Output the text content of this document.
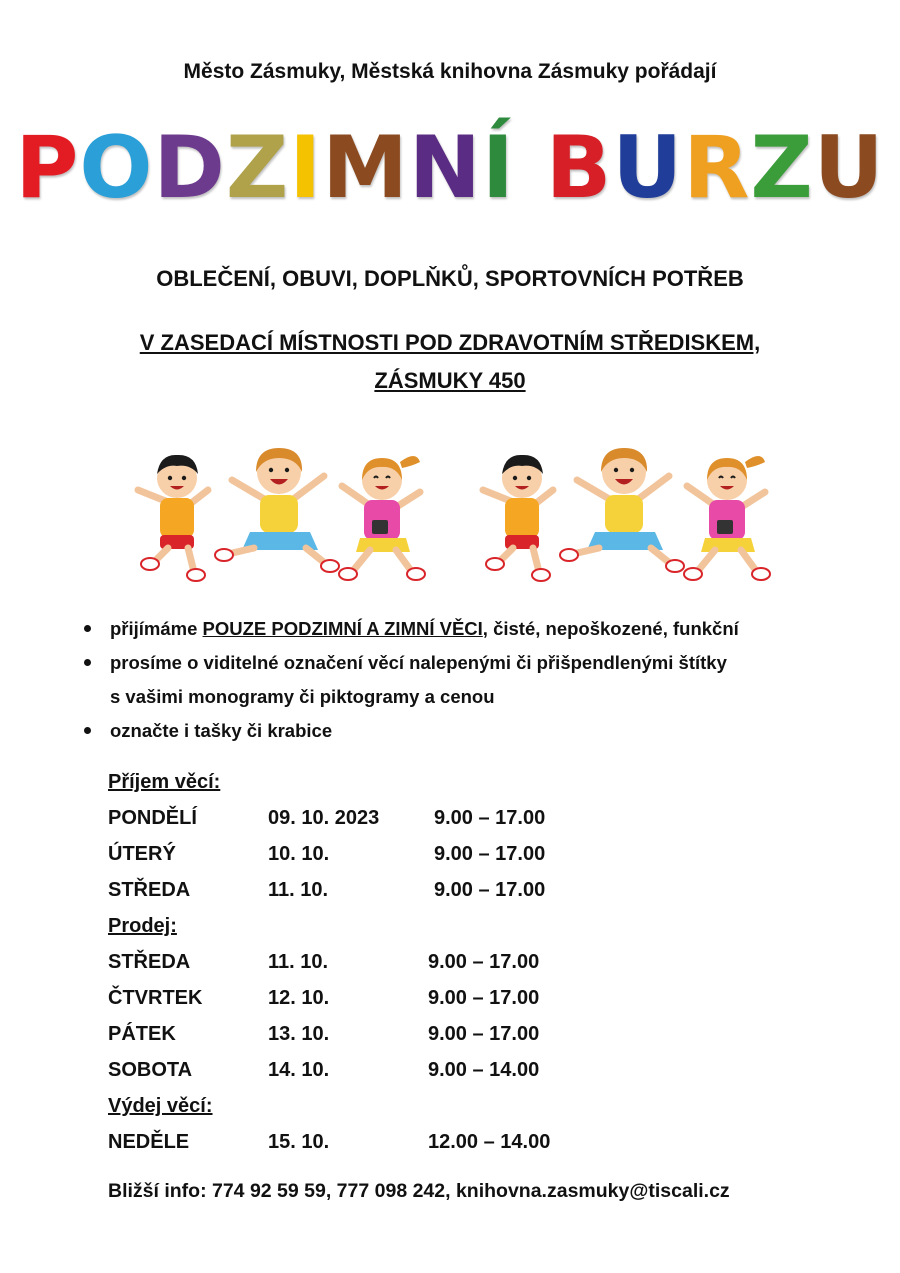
Město Zásmuky, Městská knihovna Zásmuky pořádají
PODZIMNÍ BURZU
OBLEČENÍ, OBUVI, DOPLŇKŮ, SPORTOVNÍCH POTŘEB
V ZASEDACÍ MÍSTNOSTI POD ZDRAVOTNÍM STŘEDISKEM,
ZÁSMUKY 450
přijímáme POUZE PODZIMNÍ A ZIMNÍ VĚCI, čisté, nepoškozené, funkční
prosíme o viditelné označení věcí nalepenými či přišpendlenými štítky
s vašimi monogramy či piktogramy a cenou
označte i tašky či krabice
Příjem věcí:
PONDĚLÍ	09. 10. 2023	9.00 – 17.00
ÚTERÝ	10. 10.	9.00 – 17.00
STŘEDA	11. 10.	9.00 – 17.00
Prodej:
STŘEDA	11. 10.	9.00 – 17.00
ČTVRTEK	12. 10.	9.00 – 17.00
PÁTEK	13. 10.	9.00 – 17.00
SOBOTA	14. 10.	9.00 – 14.00
Výdej věcí:
NEDĚLE	15. 10.	12.00 – 14.00
Bližší info: 774 92 59 59, 777 098 242, knihovna.zasmuky@tiscali.cz
